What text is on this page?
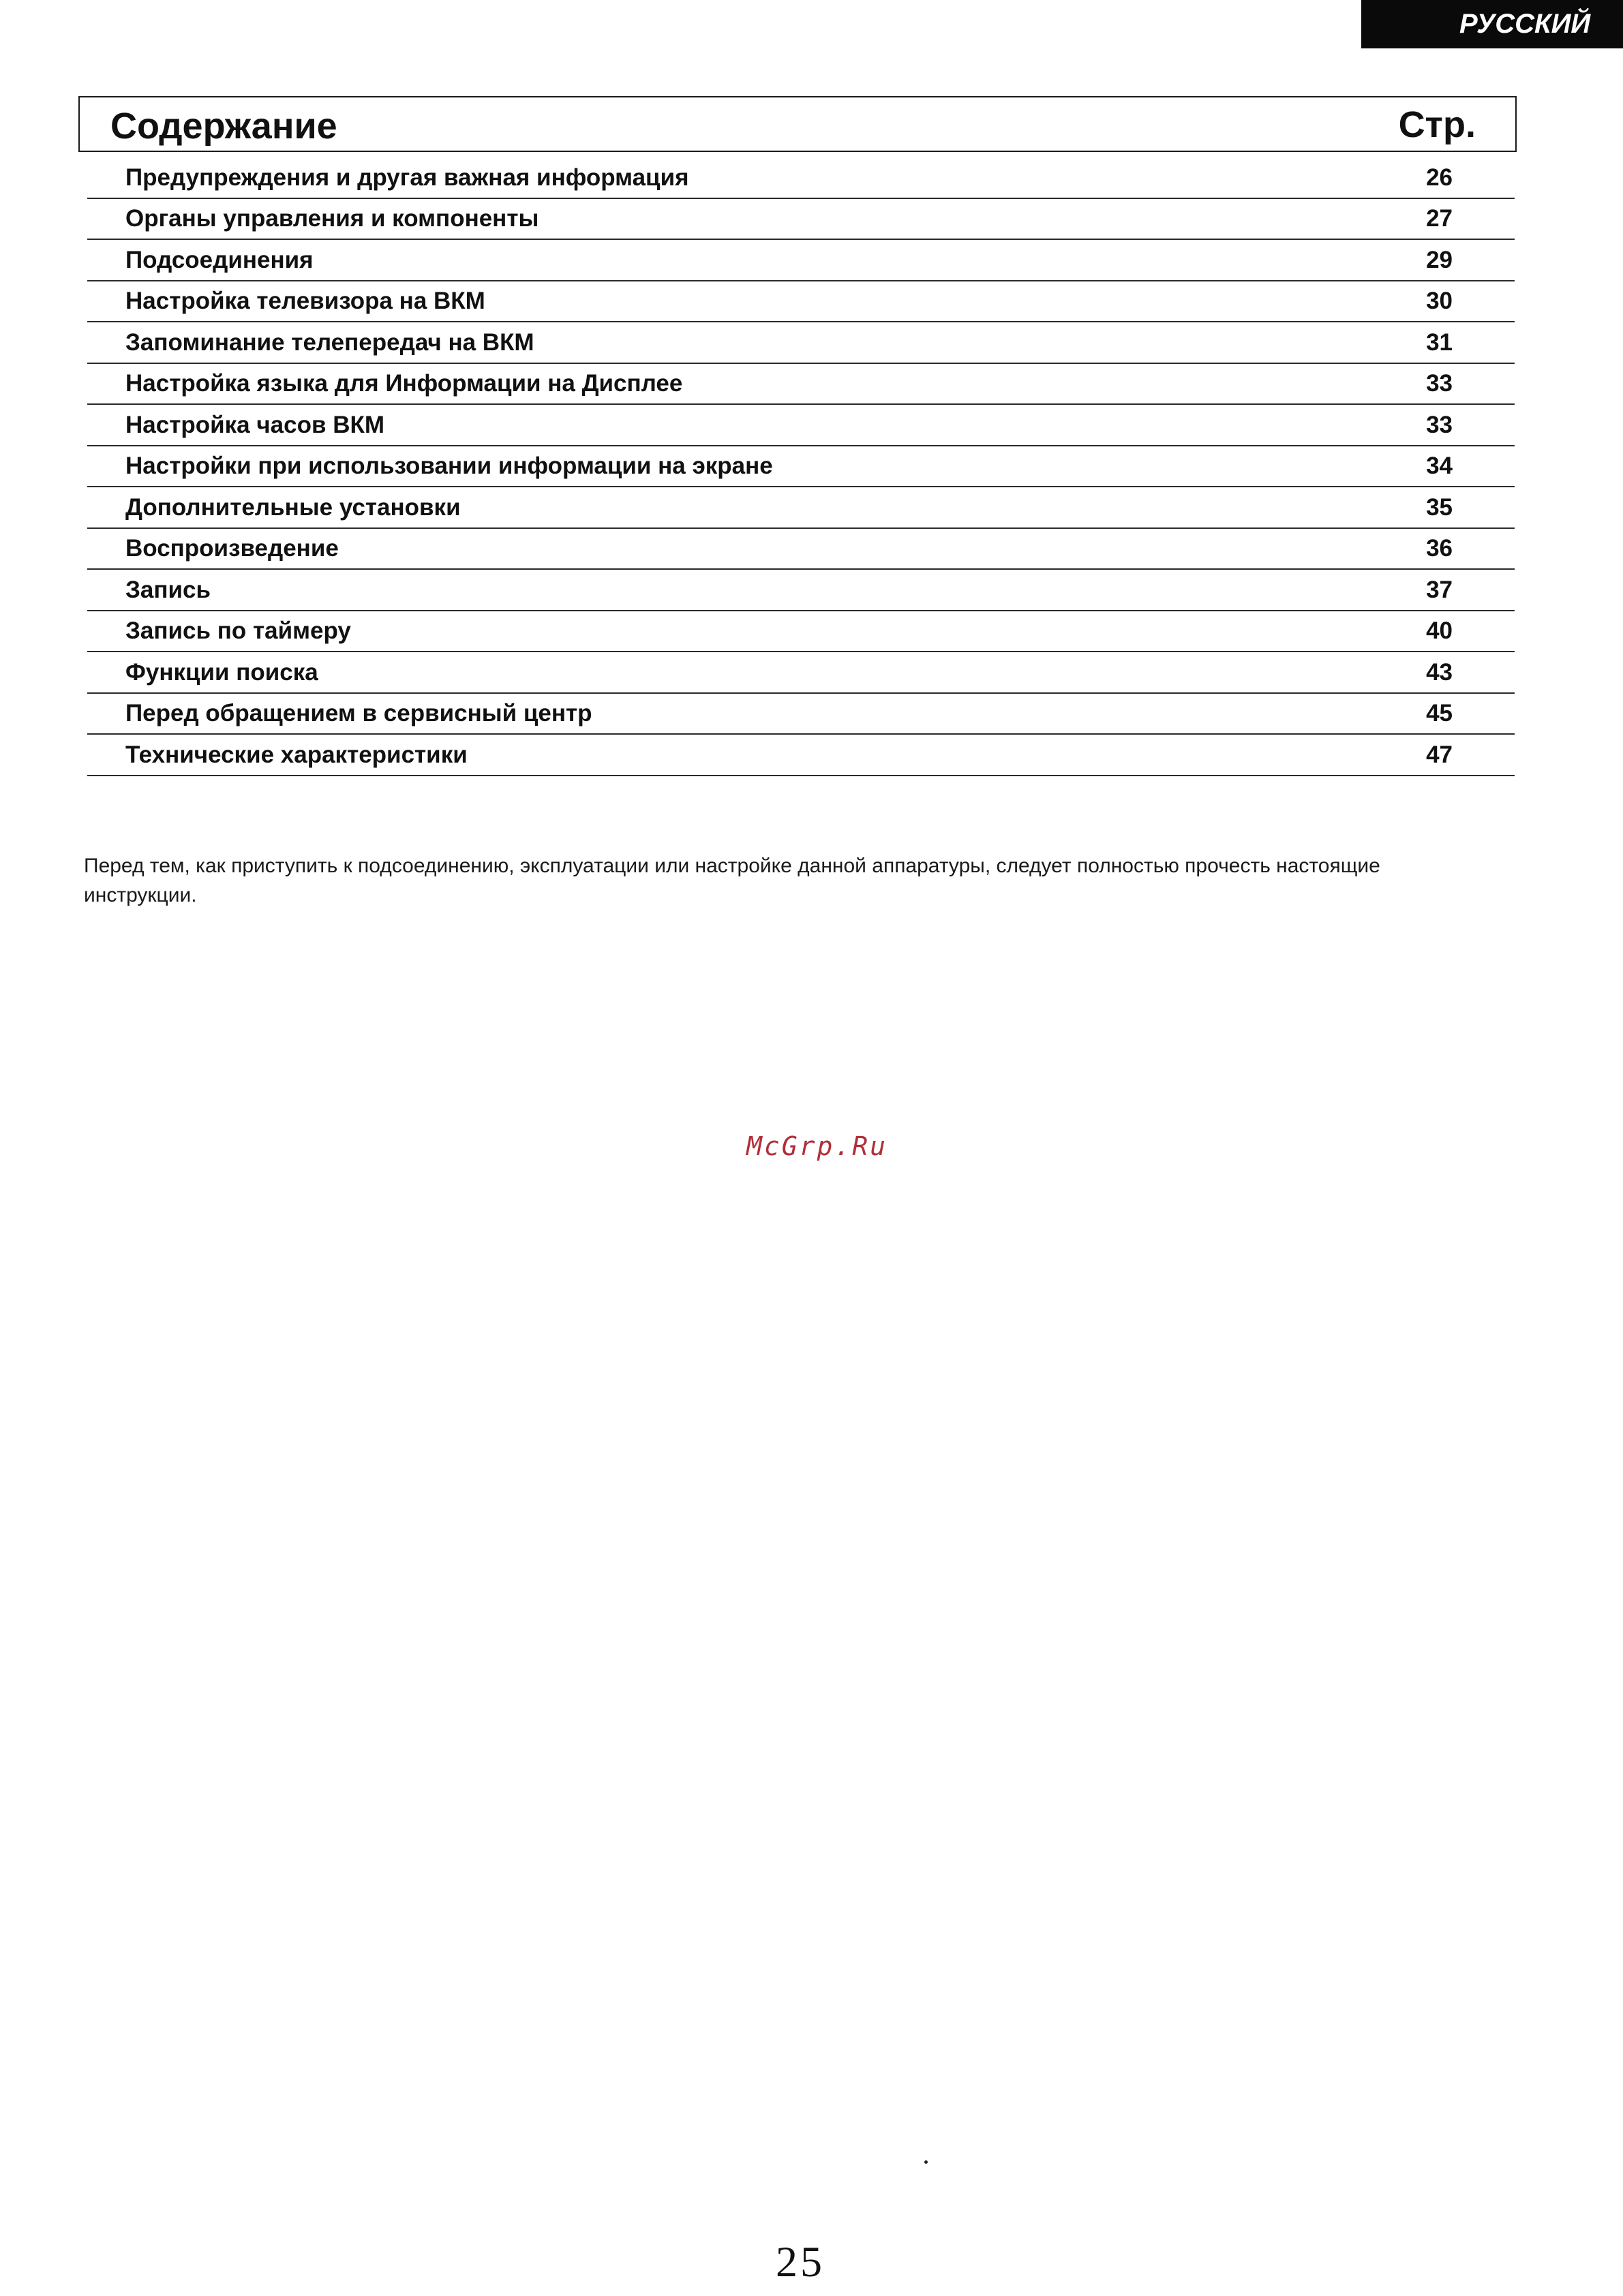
РУССКИЙ
Содержание	Стр.
Предупреждения и другая важная информация	26
Органы управления и компоненты	27
Подсоединения	29
Настройка телевизора на ВКМ	30
Запоминание телепередач на ВКМ	31
Настройка языка для Информации на Дисплее	33
Настройка часов ВКМ	33
Настройки при использовании информации на экране	34
Дополнительные установки	35
Воспроизведение	36
Запись	37
Запись по таймеру	40
Функции поиска	43
Перед обращением в сервисный центр	45
Технические характеристики	47
Перед тем, как приступить к подсоединению, эксплуатации или настройке данной аппаратуры, следует полностью прочесть настоящие инструкции.
McGrp.Ru
25
